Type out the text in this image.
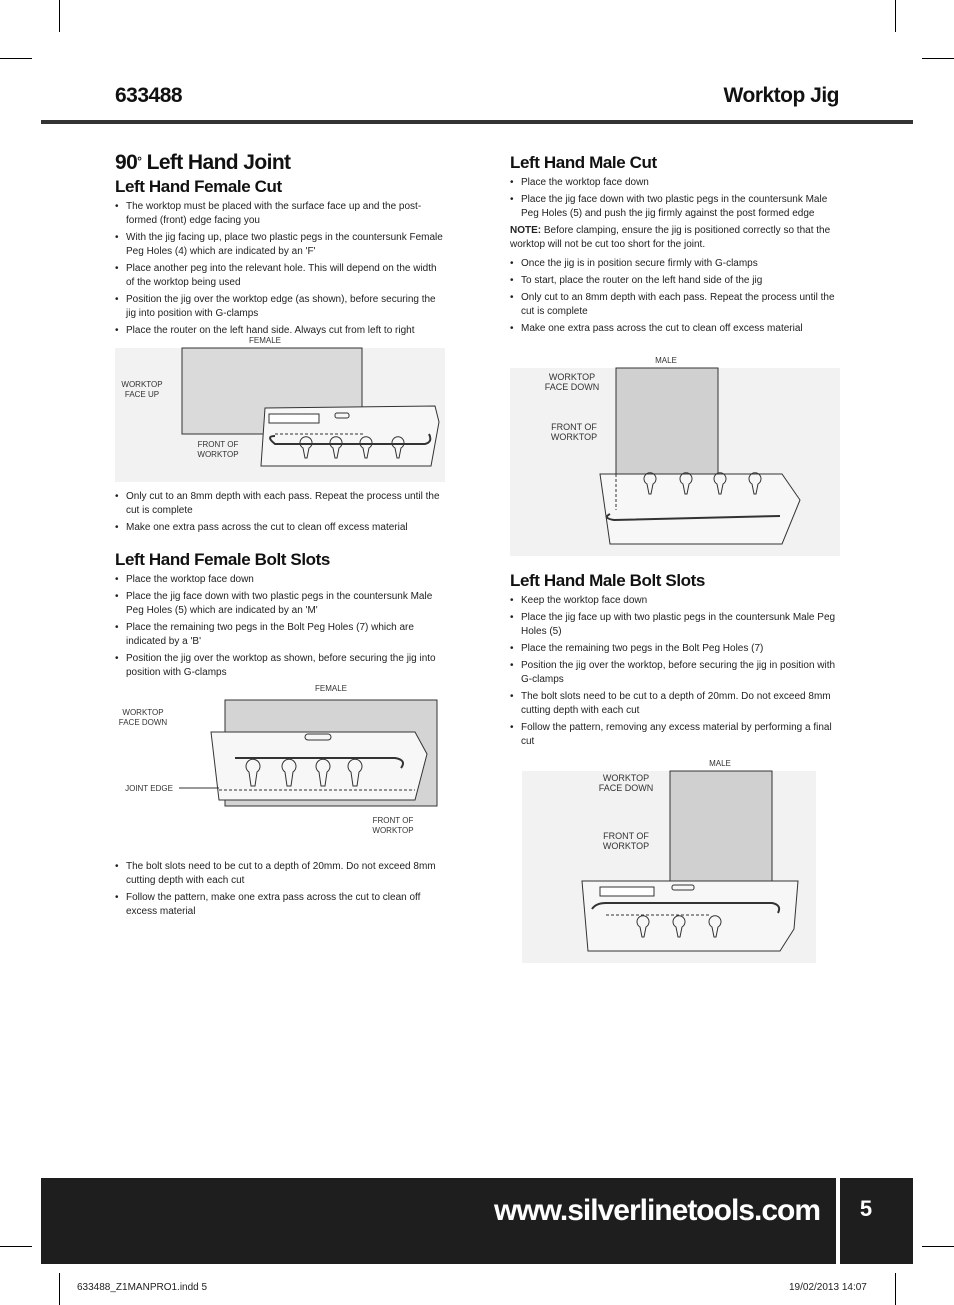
633488	Worktop Jig
90° Left Hand Joint
Left Hand Female Cut
• The worktop must be placed with the surface face up and the post-formed (front) edge facing you
• With the jig facing up, place two plastic pegs in the countersunk Female Peg Holes (4) which are indicated by an 'F'
• Place another peg into the relevant hole. This will depend on the width of the worktop being used
• Position the jig over the worktop edge (as shown), before securing the jig into position with G-clamps
• Place the router on the left hand side. Always cut from left to right
FEMALE
WORKTOP
FACE UP
FRONT OF
WORKTOP
• Only cut to an 8mm depth with each pass. Repeat the process until the cut is complete
• Make one extra pass across the cut to clean off excess material
Left Hand Female Bolt Slots
• Place the worktop face down
• Place the jig face down with two plastic pegs in the countersunk Male Peg Holes (5) which are indicated by an 'M'
• Place the remaining two pegs in the Bolt Peg Holes (7) which are indicated by a 'B'
• Position the jig over the worktop as shown, before securing the jig into position with G-clamps
FEMALE
WORKTOP
FACE DOWN
JOINT EDGE
FRONT OF
WORKTOP
• The bolt slots need to be cut to a depth of 20mm. Do not exceed 8mm cutting depth with each cut
• Follow the pattern, make one extra pass across the cut to clean off excess material
Left Hand Male Cut
• Place the worktop face down
• Place the jig face down with two plastic pegs in the countersunk Male Peg Holes (5) and push the jig firmly against the post formed edge
NOTE: Before clamping, ensure the jig is positioned correctly so that the worktop will not be cut too short for the joint.
• Once the jig is in position secure firmly with G-clamps
• To start, place the router on the left hand side of the jig
• Only cut to an 8mm depth with each pass. Repeat the process until the cut is complete
• Make one extra pass across the cut to clean off excess material
MALE
WORKTOP
FACE DOWN
FRONT OF
WORKTOP
Left Hand Male Bolt Slots
• Keep the worktop face down
• Place the jig face up with two plastic pegs in the countersunk Male Peg Holes (5)
• Place the remaining two pegs in the Bolt Peg Holes (7)
• Position the jig over the worktop, before securing the jig in position with G-clamps
• The bolt slots need to be cut to a depth of 20mm. Do not exceed 8mm cutting depth with each cut
• Follow the pattern, removing any excess material by performing a final cut
MALE
WORKTOP
FACE DOWN
FRONT OF
WORKTOP
www.silverlinetools.com	5
633488_Z1MANPRO1.indd 5	19/02/2013 14:07
